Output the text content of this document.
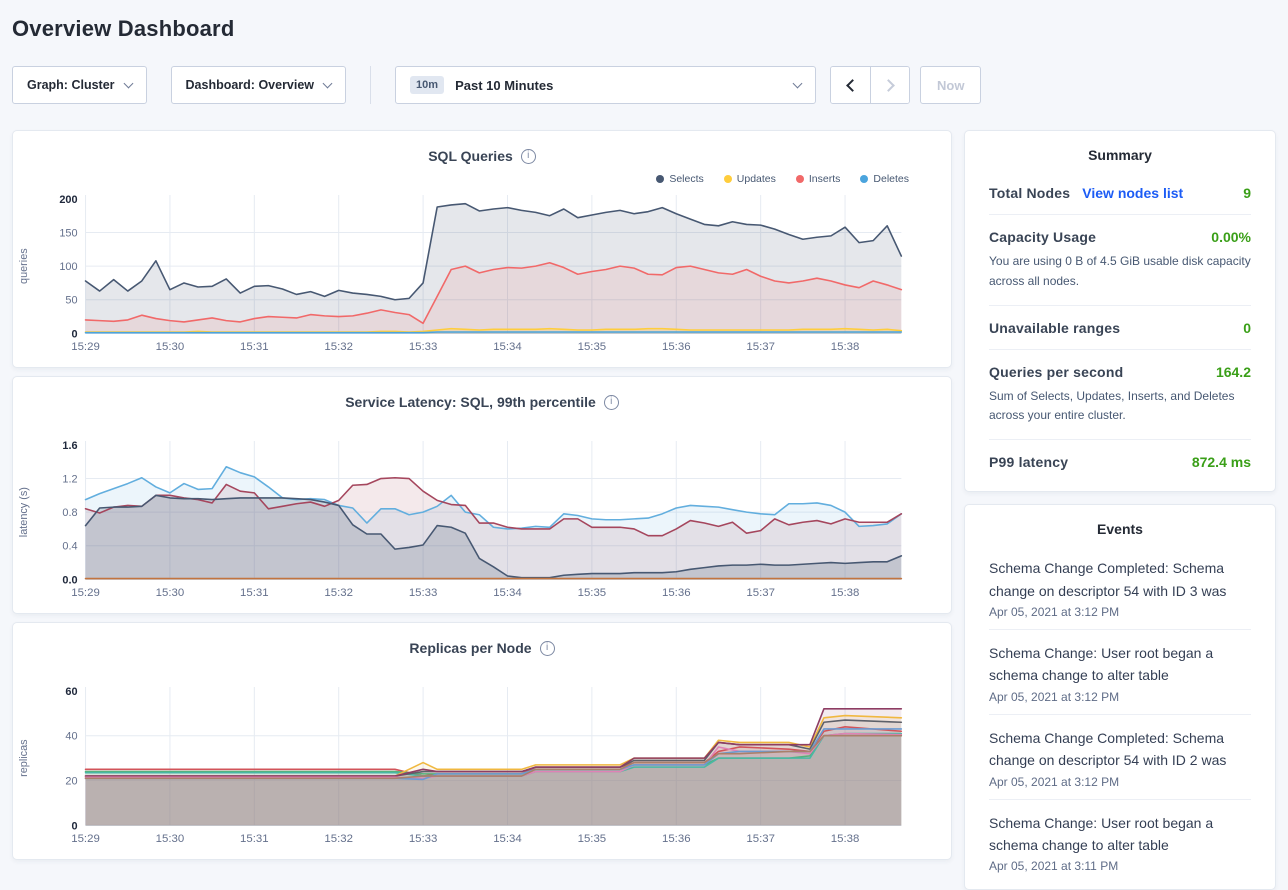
Overview Dashboard
Graph: Cluster	Dashboard: Overview	10m	Past 10 Minutes	Now
SQL Queries
i
Selects	Updates	Inserts	Deletes
15:29	15:30	15:31	15:32	15:33	15:34	15:35	15:36	15:37	15:38
0
50
100
150
200
queries
Service Latency: SQL, 99th percentile
i
15:29	15:30	15:31	15:32	15:33	15:34	15:35	15:36	15:37	15:38
0.0
0.4
0.8
1.2
1.6
latency (s)
Replicas per Node
i
15:29	15:30	15:31	15:32	15:33	15:34	15:35	15:36	15:37	15:38
0
20
40
60
replicas
Summary
Total Nodes View nodes list	9
Capacity Usage	0.00%
You are using 0 B of 4.5 GiB usable disk capacity across all nodes.
Unavailable ranges	0
Queries per second	164.2
Sum of Selects, Updates, Inserts, and Deletes across your entire cluster.
P99 latency	872.4 ms
Events
Schema Change Completed: Schema change on descriptor 54 with ID 3 was
Apr 05, 2021 at 3:12 PM
Schema Change: User root began a schema change to alter table
Apr 05, 2021 at 3:12 PM
Schema Change Completed: Schema change on descriptor 54 with ID 2 was
Apr 05, 2021 at 3:12 PM
Schema Change: User root began a schema change to alter table
Apr 05, 2021 at 3:11 PM
